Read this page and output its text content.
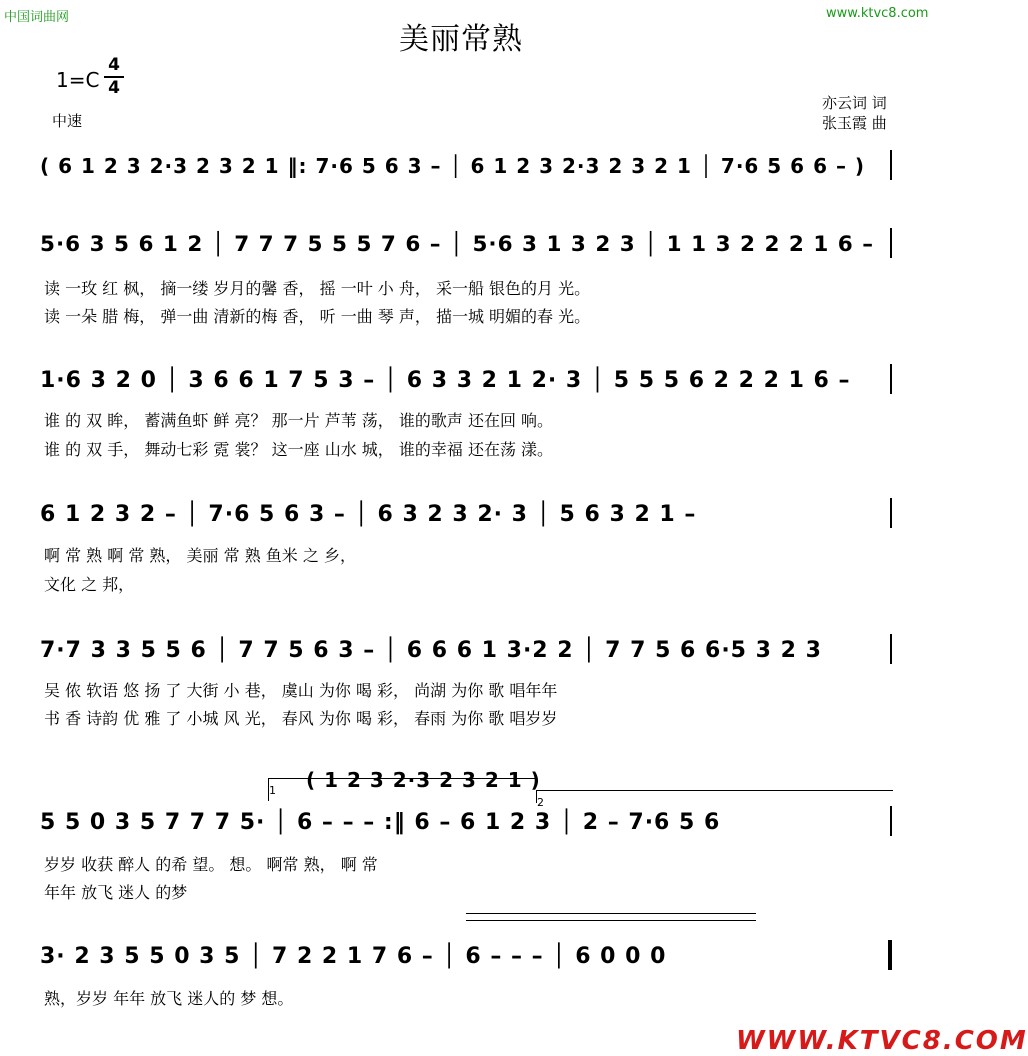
中国词曲网	www.ktvc8.com
美丽常熟
1=C
4
4
中速
亦云词 词
张玉霞 曲
( 6 1 2 3 2·3 2 3 2 1 ‖: 7·6 5 6 3 – │ 6 1 2 3 2·3 2 3 2 1 │ 7·6 5 6 6 – )
5·6 3 5 6 1 2 │ 7 7 7 5 5 5 7 6 – │ 5·6 3 1 3 2 3 │ 1 1 3 2 2 2 1 6 –
读 一玫 红 枫， 摘一缕 岁月的馨 香， 摇 一叶 小 舟， 采一船 银色的月 光。
读 一朵 腊 梅， 弹一曲 清新的梅 香， 听 一曲 琴 声， 描一城 明媚的春 光。
1·6 3 2 0 │ 3 6 6 1 7 5 3 – │ 6 3 3 2 1 2· 3 │ 5 5 5 6 2 2 2 1 6 –
谁 的 双 眸， 蓄满鱼虾 鲜 亮？ 那一片 芦苇 荡， 谁的歌声 还在回 响。
谁 的 双 手， 舞动七彩 霓 裳？ 这一座 山水 城， 谁的幸福 还在荡 漾。
6 1 2 3 2 – │ 7·6 5 6 3 – │ 6 3 2 3 2· 3 │ 5 6 3 2 1 –
啊 常 熟 啊 常 熟， 美丽 常 熟 鱼米 之 乡，
文化 之 邦，
7·7 3 3 5 5 6 │ 7 7 5 6 3 – │ 6 6 6 1 3·2 2 │ 7 7 5 6 6·5 3 2 3
吴 侬 软语 悠 扬 了 大街 小 巷， 虞山 为你 喝 彩， 尚湖 为你 歌 唱年年
书 香 诗韵 优 雅 了 小城 风 光， 春风 为你 喝 彩， 春雨 为你 歌 唱岁岁
( 1 2 3 2·3 2 3 2 1 )
1
2
5 5 0 3 5 7 7 7 5· │ 6 – – – :‖ 6 – 6 1 2 3 │ 2 – 7·6 5 6
岁岁 收获 醉人 的希 望。 想。 啊常 熟， 啊 常
年年 放飞 迷人 的梦
3· 2 3 5 5 0 3 5 │ 7 2 2 1 7 6 – │ 6 – – – │ 6 0 0 0
熟，岁岁 年年 放飞 迷人的 梦 想。
WWW.KTVC8.COM
